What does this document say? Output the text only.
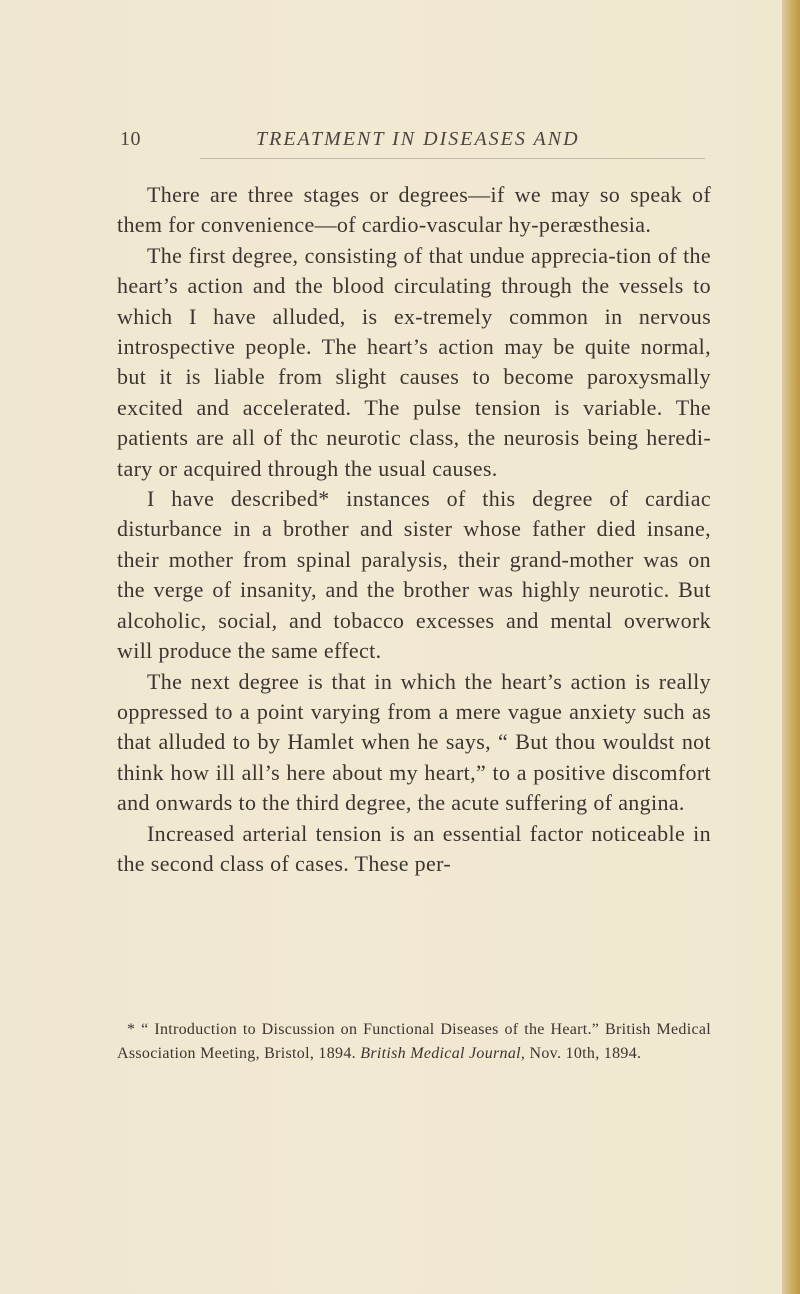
10	TREATMENT IN DISEASES AND

There are three stages or degrees—if we may so speak of them for convenience—of cardio-vascular hy-peræsthesia.

The first degree, consisting of that undue apprecia-tion of the heart’s action and the blood circulating through the vessels to which I have alluded, is ex-tremely common in nervous introspective people. The heart’s action may be quite normal, but it is liable from slight causes to become paroxysmally excited and accelerated. The pulse tension is variable. The patients are all of thc neurotic class, the neurosis being heredi-tary or acquired through the usual causes.

I have described* instances of this degree of cardiac disturbance in a brother and sister whose father died insane, their mother from spinal paralysis, their grand-mother was on the verge of insanity, and the brother was highly neurotic. But alcoholic, social, and tobacco excesses and mental overwork will produce the same effect.

The next degree is that in which the heart’s action is really oppressed to a point varying from a mere vague anxiety such as that alluded to by Hamlet when he says, “ But thou wouldst not think how ill all’s here about my heart,” to a positive discomfort and onwards to the third degree, the acute suffering of angina.

Increased arterial tension is an essential factor noticeable in the second class of cases. These per-

* “ Introduction to Discussion on Functional Diseases of the Heart.” British Medical Association Meeting, Bristol, 1894. British Medical Journal, Nov. 10th, 1894.
